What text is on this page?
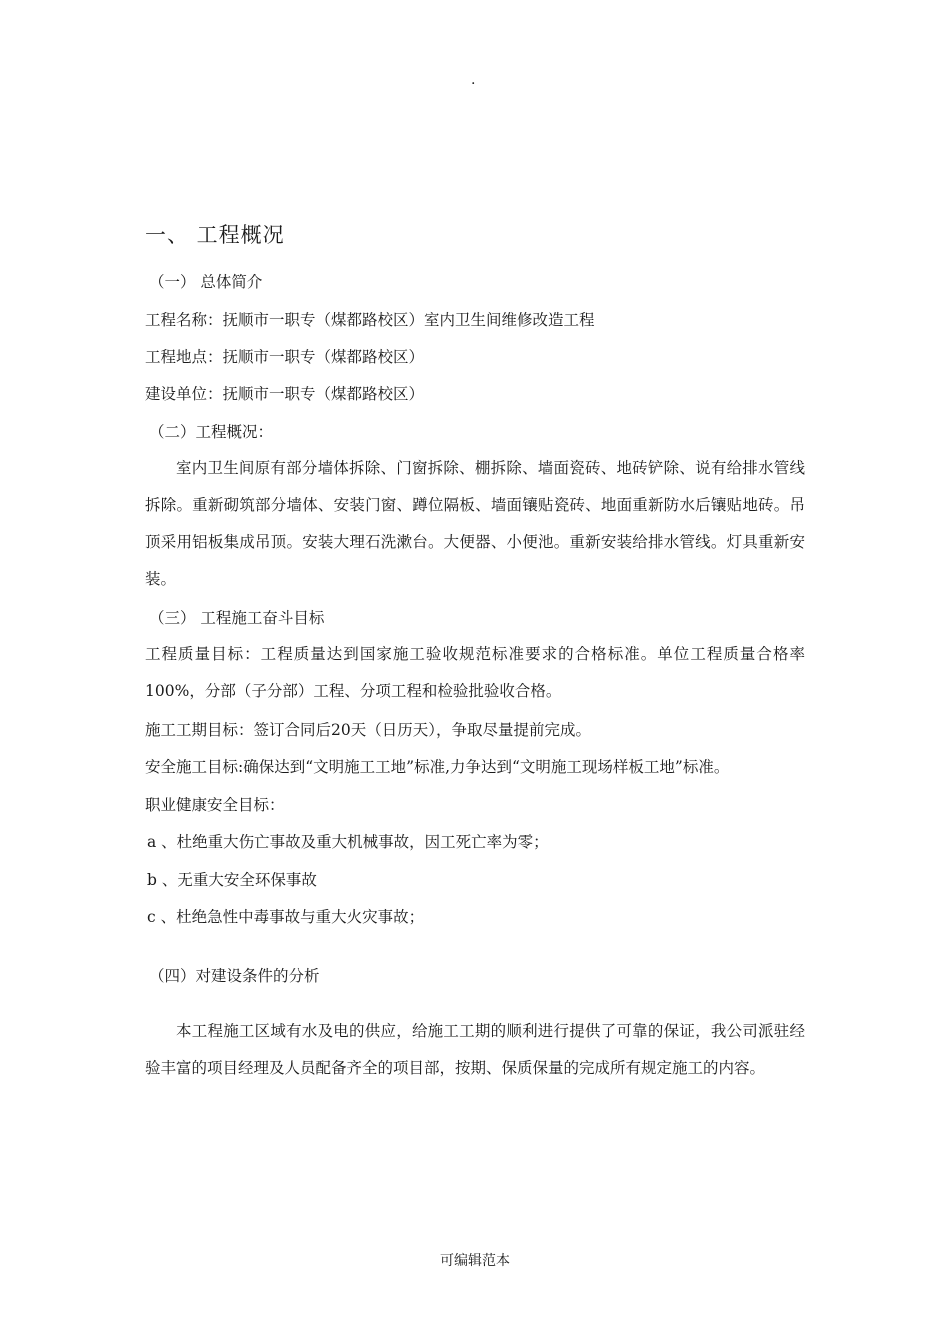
.
一、 工程概况
（一） 总体简介
工程名称：抚顺市一职专（煤都路校区）室内卫生间维修改造工程
工程地点：抚顺市一职专（煤都路校区）
建设单位：抚顺市一职专（煤都路校区）
（二）工程概况：
室内卫生间原有部分墙体拆除、门窗拆除、棚拆除、墙面瓷砖、地砖铲除、说有给排水管线拆除。重新砌筑部分墙体、安装门窗、蹲位隔板、墙面镶贴瓷砖、地面重新防水后镶贴地砖。吊顶采用铝板集成吊顶。安装大理石洗漱台。大便器、小便池。重新安装给排水管线。灯具重新安装。
（三） 工程施工奋斗目标
工程质量目标：工程质量达到国家施工验收规范标准要求的合格标准。单位工程质量合格率100%，分部（子分部）工程、分项工程和检验批验收合格。
施工工期目标：签订合同后20天（日历天），争取尽量提前完成。
安全施工目标:确保达到“文明施工工地”标准,力争达到“文明施工现场样板工地”标准。
职业健康安全目标：
a 、杜绝重大伤亡事故及重大机械事故，因工死亡率为零；
b 、无重大安全环保事故
c 、杜绝急性中毒事故与重大火灾事故；
（四）对建设条件的分析
本工程施工区域有水及电的供应，给施工工期的顺利进行提供了可靠的保证，我公司派驻经验丰富的项目经理及人员配备齐全的项目部，按期、保质保量的完成所有规定施工的内容。
可编辑范本
